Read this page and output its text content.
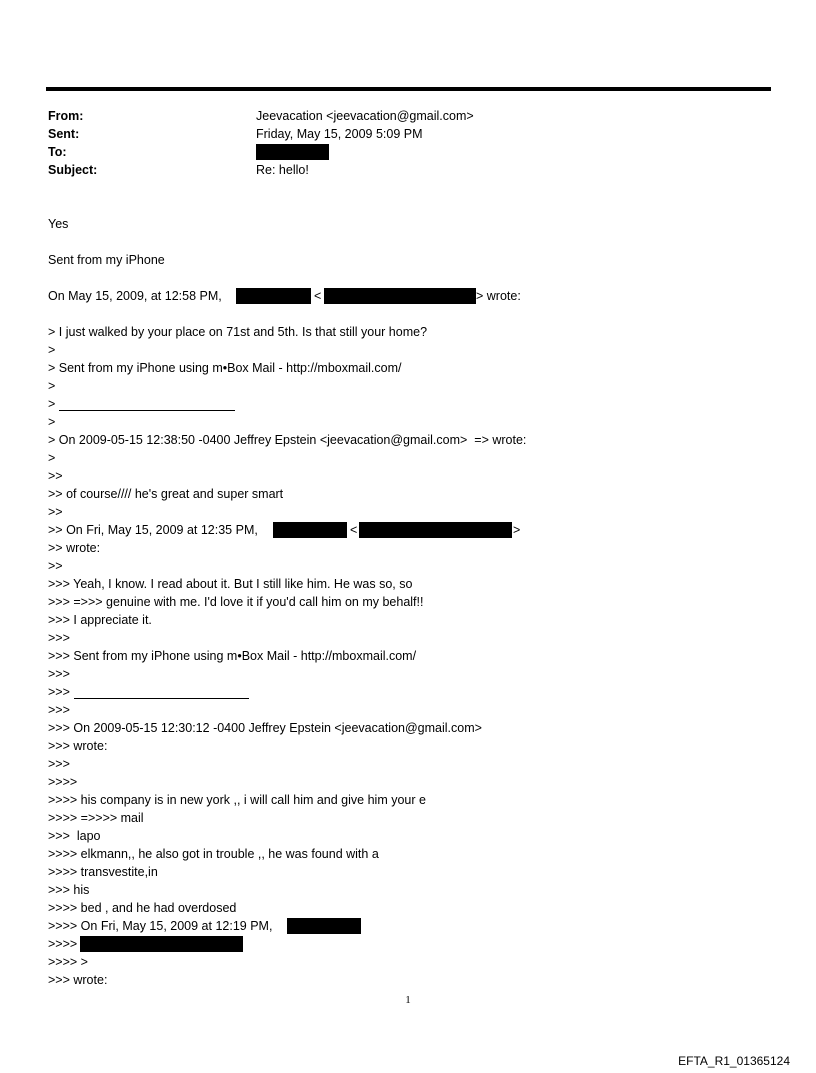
From:	Jeevacation <jeevacation@gmail.com>
Sent:	Friday, May 15, 2009 5:09 PM
To:
Subject:	Re: hello!
Yes
Sent from my iPhone
On May 15, 2009, at 12:58 PM,	<	> wrote:
> I just walked by your place on 71st and 5th. Is that still your home?
>
> Sent from my iPhone using m•Box Mail - http://mboxmail.com/
>
>
>
> On 2009-05-15 12:38:50 -0400 Jeffrey Epstein <jeevacation@gmail.com>  => wrote:
>
>>
>> of course//// he's great and super smart
>>
>> On Fri, May 15, 2009 at 12:35 PM,	<	>
>> wrote:
>>
>>> Yeah, I know. I read about it. But I still like him. He was so, so
>>> =>>> genuine with me. I'd love it if you'd call him on my behalf!!
>>> I appreciate it.
>>>
>>> Sent from my iPhone using m•Box Mail - http://mboxmail.com/
>>>
>>>
>>>
>>> On 2009-05-15 12:30:12 -0400 Jeffrey Epstein <jeevacation@gmail.com>
>>> wrote:
>>>
>>>>
>>>> his company is in new york ,, i will call him and give him your e
>>>> =>>>> mail
>>>  lapo
>>>> elkmann,, he also got in trouble ,, he was found with a
>>>> transvestite,in
>>> his
>>>> bed , and he had overdosed
>>>> On Fri, May 15, 2009 at 12:19 PM,
>>>>
>>>> >
>>> wrote:
1
EFTA_R1_01365124
